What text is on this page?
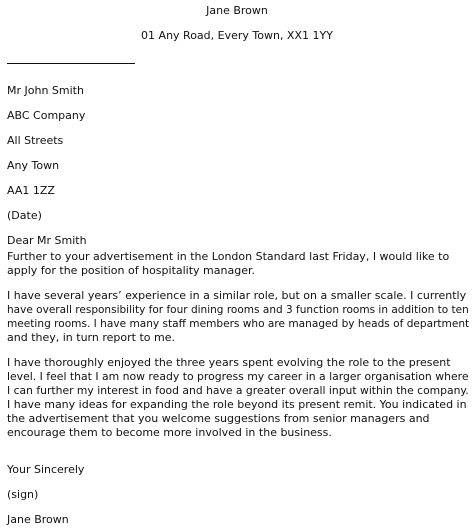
Jane Brown
01 Any Road, Every Town, XX1 1YY
Mr John Smith
ABC Company
All Streets
Any Town
AA1 1ZZ
(Date)
Dear Mr Smith
Further to your advertisement in the London Standard last Friday, I would like to
apply for the position of hospitality manager.
I have several years’ experience in a similar role, but on a smaller scale. I currently
have overall responsibility for four dining rooms and 3 function rooms in addition to ten
meeting rooms. I have many staff members who are managed by heads of department
and they, in turn report to me.
I have thoroughly enjoyed the three years spent evolving the role to the present
level. I feel that I am now ready to progress my career in a larger organisation where
I can further my interest in food and have a greater overall input within the company.
I have many ideas for expanding the role beyond its present remit. You indicated in
the advertisement that you welcome suggestions from senior managers and
encourage them to become more involved in the business.
Your Sincerely
(sign)
Jane Brown
